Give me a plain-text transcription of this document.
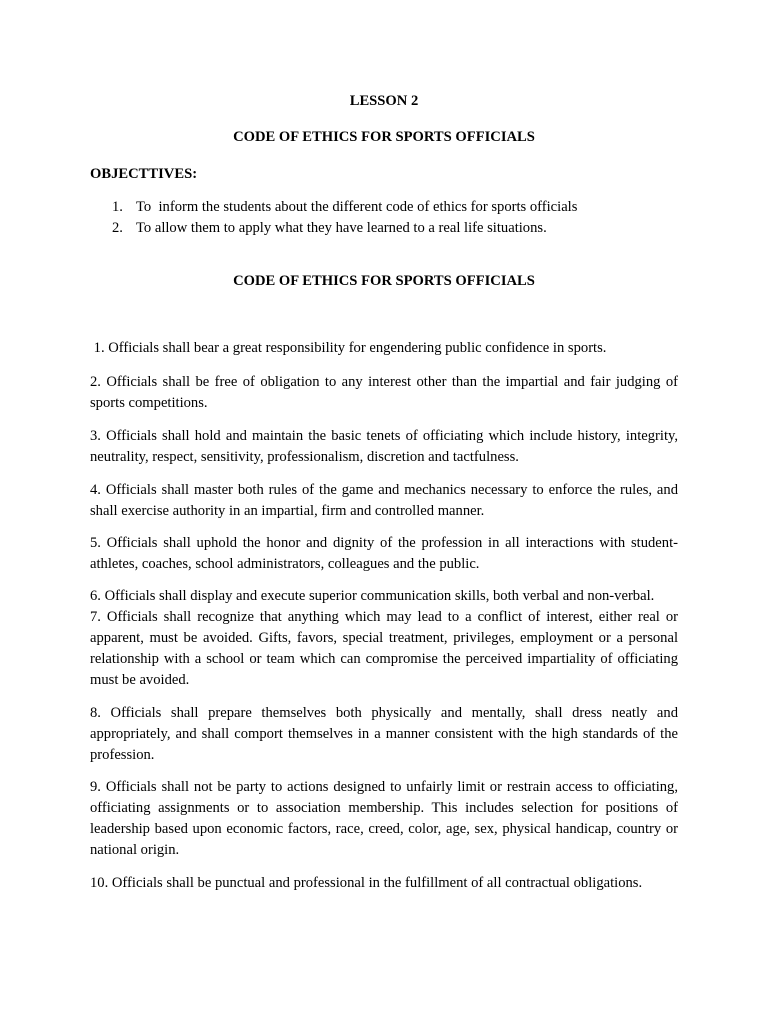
LESSON 2
CODE OF ETHICS FOR SPORTS OFFICIALS
OBJECTTIVES:
1. To  inform the students about the different code of ethics for sports officials
2. To allow them to apply what they have learned to a real life situations.
CODE OF ETHICS FOR SPORTS OFFICIALS

1. Officials shall bear a great responsibility for engendering public confidence in sports.

2. Officials shall be free of obligation to any interest other than the impartial and fair judging of sports competitions.

3. Officials shall hold and maintain the basic tenets of officiating which include history, integrity, neutrality, respect, sensitivity, professionalism, discretion and tactfulness.

4. Officials shall master both rules of the game and mechanics necessary to enforce the rules, and shall exercise authority in an impartial, firm and controlled manner.

5. Officials shall uphold the honor and dignity of the profession in all interactions with student-athletes, coaches, school administrators, colleagues and the public.

6. Officials shall display and execute superior communication skills, both verbal and non-verbal.
7. Officials shall recognize that anything which may lead to a conflict of interest, either real or apparent, must be avoided. Gifts, favors, special treatment, privileges, employment or a personal relationship with a school or team which can compromise the perceived impartiality of officiating must be avoided.

8. Officials shall prepare themselves both physically and mentally, shall dress neatly and appropriately, and shall comport themselves in a manner consistent with the high standards of the profession.

9. Officials shall not be party to actions designed to unfairly limit or restrain access to officiating, officiating assignments or to association membership. This includes selection for positions of leadership based upon economic factors, race, creed, color, age, sex, physical handicap, country or national origin.

10. Officials shall be punctual and professional in the fulfillment of all contractual obligations.
